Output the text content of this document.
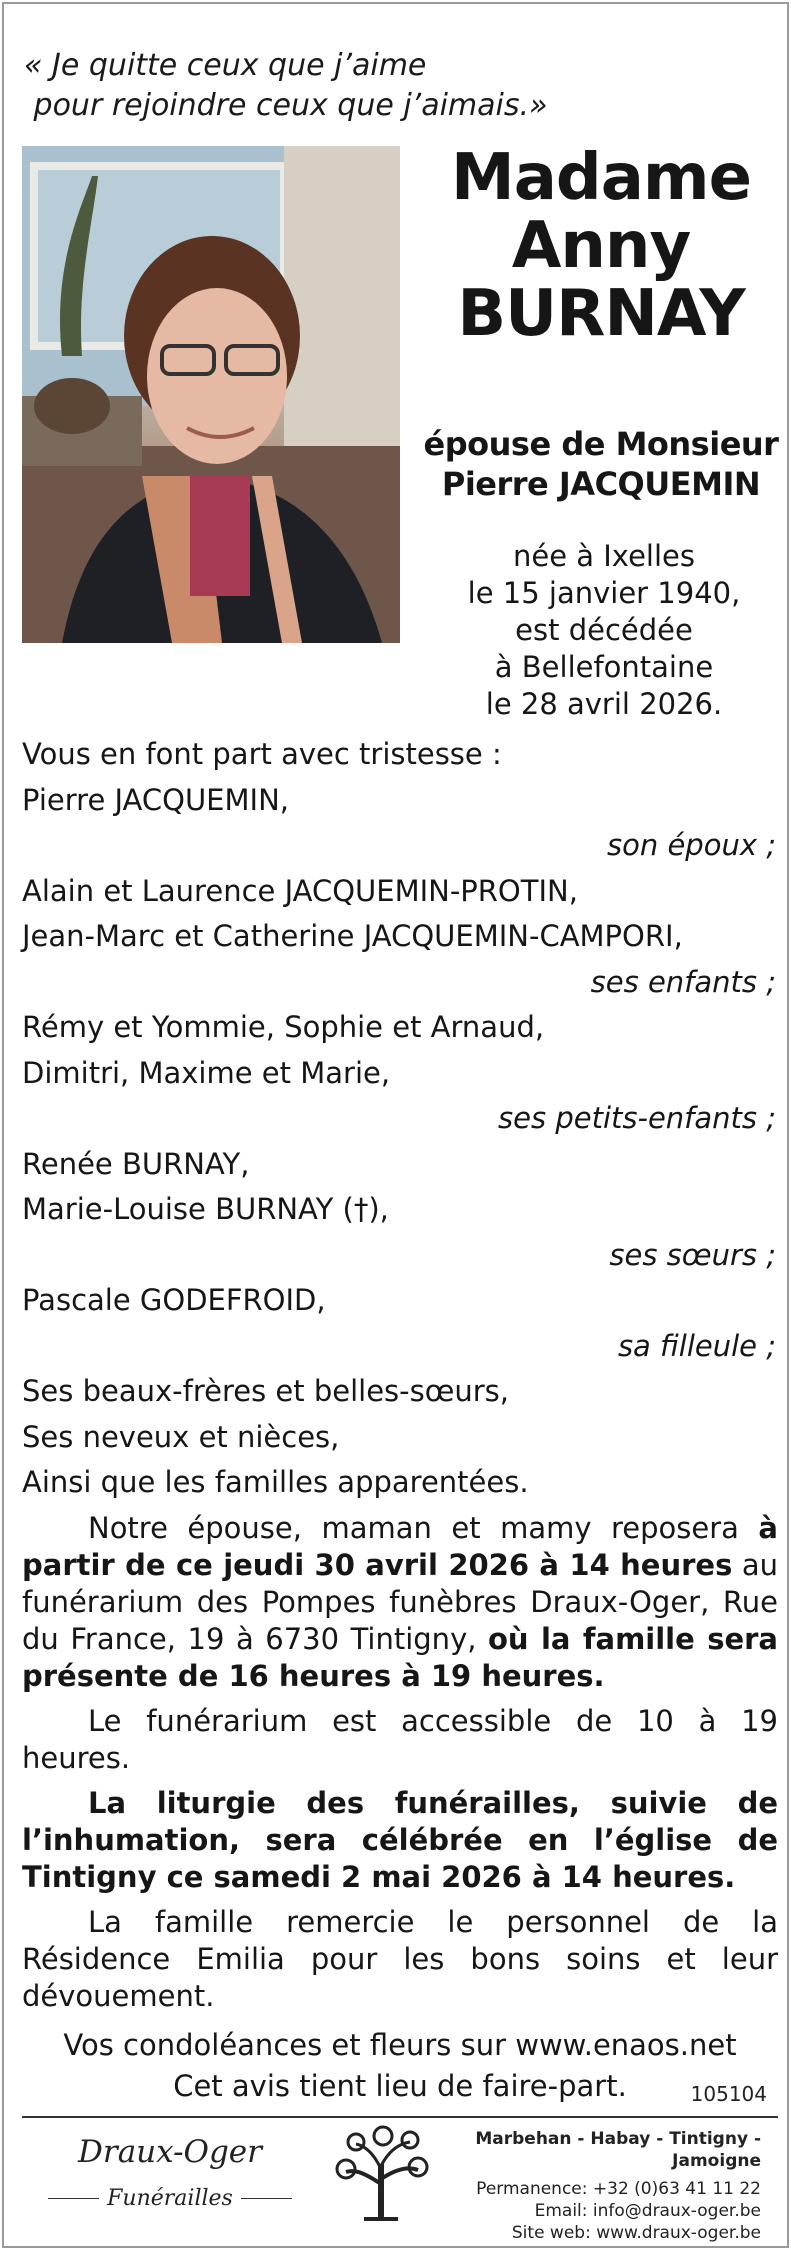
« Je quitte ceux que j’aime
pour rejoindre ceux que j’aimais.»
Madame
Anny
BURNAY
épouse de Monsieur
Pierre JACQUEMIN
née à Ixelles
le 15 janvier 1940,
est décédée
à Bellefontaine
le 28 avril 2026.
Vous en font part avec tristesse :
Pierre JACQUEMIN,
son époux ;
Alain et Laurence JACQUEMIN-PROTIN,
Jean-Marc et Catherine JACQUEMIN-CAMPORI,
ses enfants ;
Rémy et Yommie, Sophie et Arnaud,
Dimitri, Maxime et Marie,
ses petits-enfants ;
Renée BURNAY,
Marie-Louise BURNAY (†),
ses sœurs ;
Pascale GODEFROID,
sa filleule ;
Ses beaux-frères et belles-sœurs,
Ses neveux et nièces,
Ainsi que les familles apparentées.

Notre épouse, maman et mamy reposera à partir de ce jeudi 30 avril 2026 à 14 heures au funérarium des Pompes funèbres Draux-Oger, Rue du France, 19 à 6730 Tintigny, où la famille sera présente de 16 heures à 19 heures.

Le funérarium est accessible de 10 à 19 heures.

La liturgie des funérailles, suivie de l’inhumation, sera célébrée en l’église de Tintigny ce samedi 2 mai 2026 à 14 heures.

La famille remercie le personnel de la Résidence Emilia pour les bons soins et leur dévouement.

Vos condoléances et fleurs sur www.enaos.net
Cet avis tient lieu de faire-part.	105104
Draux-Oger
Funérailles
Marbehan - Habay - Tintigny - Jamoigne
Permanence: +32 (0)63 41 11 22
Email: info@draux-oger.be
Site web: www.draux-oger.be
